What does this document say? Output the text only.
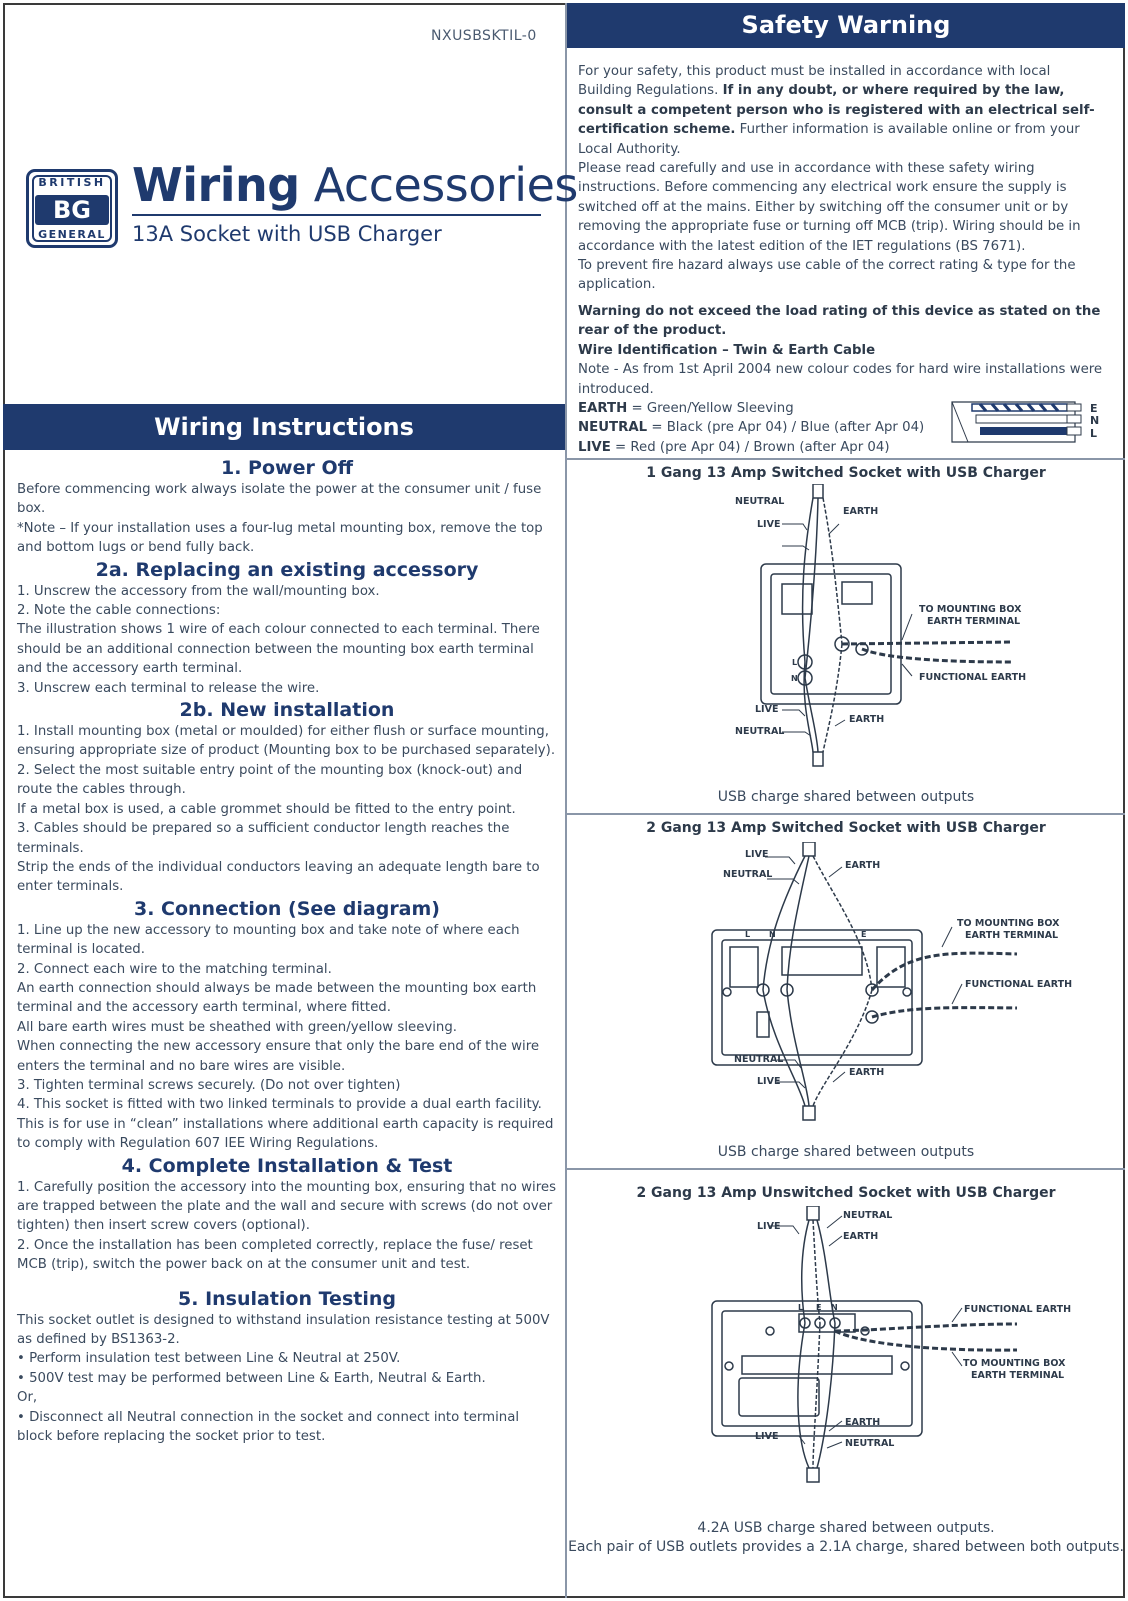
NXUSBSKTIL-0
BRITISH
BG
GENERAL
Wiring Accessories
13A Socket with USB Charger
Wiring Instructions
Safety Warning
1. Power Off

Before commencing work always isolate the power at the consumer unit / fuse box.
*Note – If your installation uses a four-lug metal mounting box, remove the top and bottom lugs or bend fully back.

2a. Replacing an existing accessory

1. Unscrew the accessory from the wall/mounting box.
2. Note the cable connections:
The illustration shows 1 wire of each colour connected to each terminal. There should be an additional connection between the mounting box earth terminal and the accessory earth terminal.
3. Unscrew each terminal to release the wire.

2b. New installation

1. Install mounting box (metal or moulded) for either flush or surface mounting, ensuring appropriate size of product (Mounting box to be purchased separately).
2. Select the most suitable entry point of the mounting box (knock-out) and route the cables through.
If a metal box is used, a cable grommet should be fitted to the entry point.
3. Cables should be prepared so a sufficient conductor length reaches the terminals.
Strip the ends of the individual conductors leaving an adequate length bare to enter terminals.

3. Connection (See diagram)

1. Line up the new accessory to mounting box and take note of where each terminal is located.
2. Connect each wire to the matching terminal.
An earth connection should always be made between the mounting box earth terminal and the accessory earth terminal, where fitted.
All bare earth wires must be sheathed with green/yellow sleeving.
When connecting the new accessory ensure that only the bare end of the wire enters the terminal and no bare wires are visible.
3. Tighten terminal screws securely. (Do not over tighten)
4. This socket is fitted with two linked terminals to provide a dual earth facility. This is for use in “clean” installations where additional earth capacity is required to comply with Regulation 607 IEE Wiring Regulations.

4. Complete Installation & Test

1. Carefully position the accessory into the mounting box, ensuring that no wires are trapped between the plate and the wall and secure with screws (do not over tighten) then insert screw covers (optional).
2. Once the installation has been completed correctly, replace the fuse/ reset MCB (trip), switch the power back on at the consumer unit and test.

5. Insulation Testing

This socket outlet is designed to withstand insulation resistance testing at 500V as defined by BS1363-2.
• Perform insulation test between Line & Neutral at 250V.
• 500V test may be performed between Line & Earth, Neutral & Earth.
Or,
• Disconnect all Neutral connection in the socket and connect into terminal block before replacing the socket prior to test.

For your safety, this product must be installed in accordance with local Building Regulations. If in any doubt, or where required by the law, consult a competent person who is registered with an electrical self-certification scheme. Further information is available online or from your Local Authority.

Please read carefully and use in accordance with these safety wiring instructions. Before commencing any electrical work ensure the supply is switched off at the mains. Either by switching off the consumer unit or by removing the appropriate fuse or turning off MCB (trip). Wiring should be in accordance with the latest edition of the IET regulations (BS 7671).

To prevent fire hazard always use cable of the correct rating & type for the application.

Warning do not exceed the load rating of this device as stated on the rear of the product.

Wire Identification – Twin & Earth Cable

Note - As from 1st April 2004 new colour codes for hard wire installations were introduced.

EARTH = Green/Yellow Sleeving

NEUTRAL = Black (pre Apr 04) / Blue (after Apr 04)

LIVE = Red (pre Apr 04) / Brown (after Apr 04)

E
N
L
1 Gang 13 Amp Switched Socket with USB Charger
NEUTRAL
LIVE
EARTH
TO MOUNTING BOX
EARTH TERMINAL
FUNCTIONAL EARTH
LIVE
NEUTRAL
EARTH
L
N
USB charge shared between outputs
2 Gang 13 Amp Switched Socket with USB Charger
LIVE
NEUTRAL
EARTH
TO MOUNTING BOX
EARTH TERMINAL
FUNCTIONAL EARTH
NEUTRAL
LIVE
EARTH
L N	E
USB charge shared between outputs
2 Gang 13 Amp Unswitched Socket with USB Charger
LIVE
NEUTRAL
EARTH
FUNCTIONAL EARTH
TO MOUNTING BOX
EARTH TERMINAL
LIVE
EARTH
NEUTRAL
L E N
4.2A USB charge shared between outputs.
Each pair of USB outlets provides a 2.1A charge, shared between both outputs.
